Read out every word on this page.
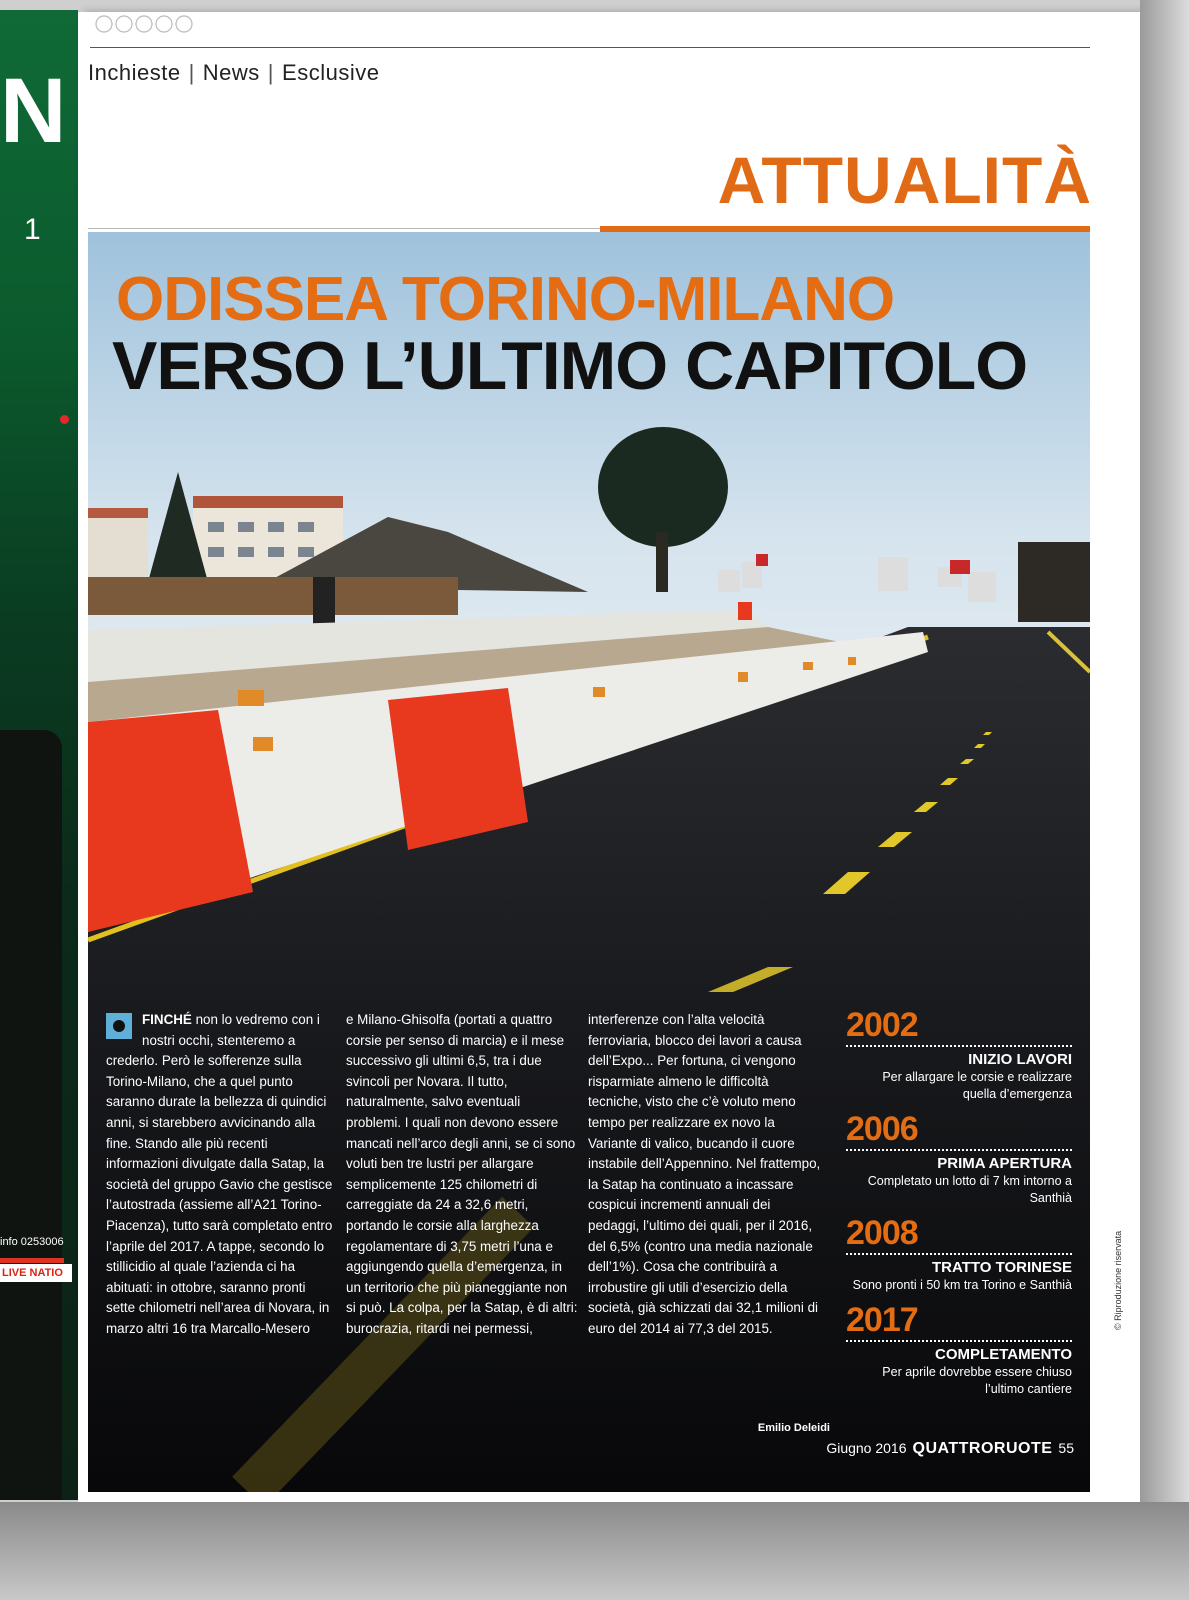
N
1
info 0253006
LIVE NATIO
Inchieste | News | Esclusive
ATTUALITÀ
ODISSEA TORINO-MILANO
VERSO L’ULTIMO CAPITOLO

FINCHÉ non lo vedremo con i nostri occhi, stenteremo a crederlo. Però le sofferenze sulla Torino-Milano, che a quel punto saranno durate la bellezza di quindici anni, si starebbero avvicinando alla fine. Stando alle più recenti informazioni divulgate dalla Satap, la società del gruppo Gavio che gestisce l’autostrada (assieme all’A21 Torino-Piacenza), tutto sarà completato entro l’aprile del 2017. A tappe, secondo lo stillicidio al quale l’azienda ci ha abituati: in ottobre, saranno pronti sette chilometri nell’area di Novara, in marzo altri 16 tra Marcallo-Mesero

e Milano-Ghisolfa (portati a quattro corsie per senso di marcia) e il mese successivo gli ultimi 6,5, tra i due svincoli per Novara. Il tutto, naturalmente, salvo eventuali problemi. I quali non devono essere mancati nell’arco degli anni, se ci sono voluti ben tre lustri per allargare semplicemente 125 chilometri di carreggiate da 24 a 32,6 metri, portando le corsie alla larghezza regolamentare di 3,75 metri l’una e aggiungendo quella d’emergenza, in un territorio che più pianeggiante non si può. La colpa, per la Satap, è di altri: burocrazia, ritardi nei permessi,

interferenze con l’alta velocità ferroviaria, blocco dei lavori a causa dell’Expo... Per fortuna, ci vengono risparmiate almeno le difficoltà tecniche, visto che c’è voluto meno tempo per realizzare ex novo la Variante di valico, bucando il cuore instabile dell’Appennino. Nel frattempo, la Satap ha continuato a incassare cospicui incrementi annuali dei pedaggi, l’ultimo dei quali, per il 2016, del 6,5% (contro una media nazionale dell’1%). Cosa che contribuirà a irrobustire gli utili d’esercizio della società, già schizzati dai 32,1 milioni di euro del 2014 ai 77,3 del 2015.

Emilio Deleidi
2002
INIZIO LAVORI
Per allargare le corsie e realizzare quella d’emergenza
2006
PRIMA APERTURA
Completato un lotto di 7 km intorno a Santhià
2008
TRATTO TORINESE
Sono pronti i 50 km tra Torino e Santhià
2017
COMPLETAMENTO
Per aprile dovrebbe essere chiuso l’ultimo cantiere
Giugno 2016 QUATTRORUOTE 55
© Riproduzione riservata
